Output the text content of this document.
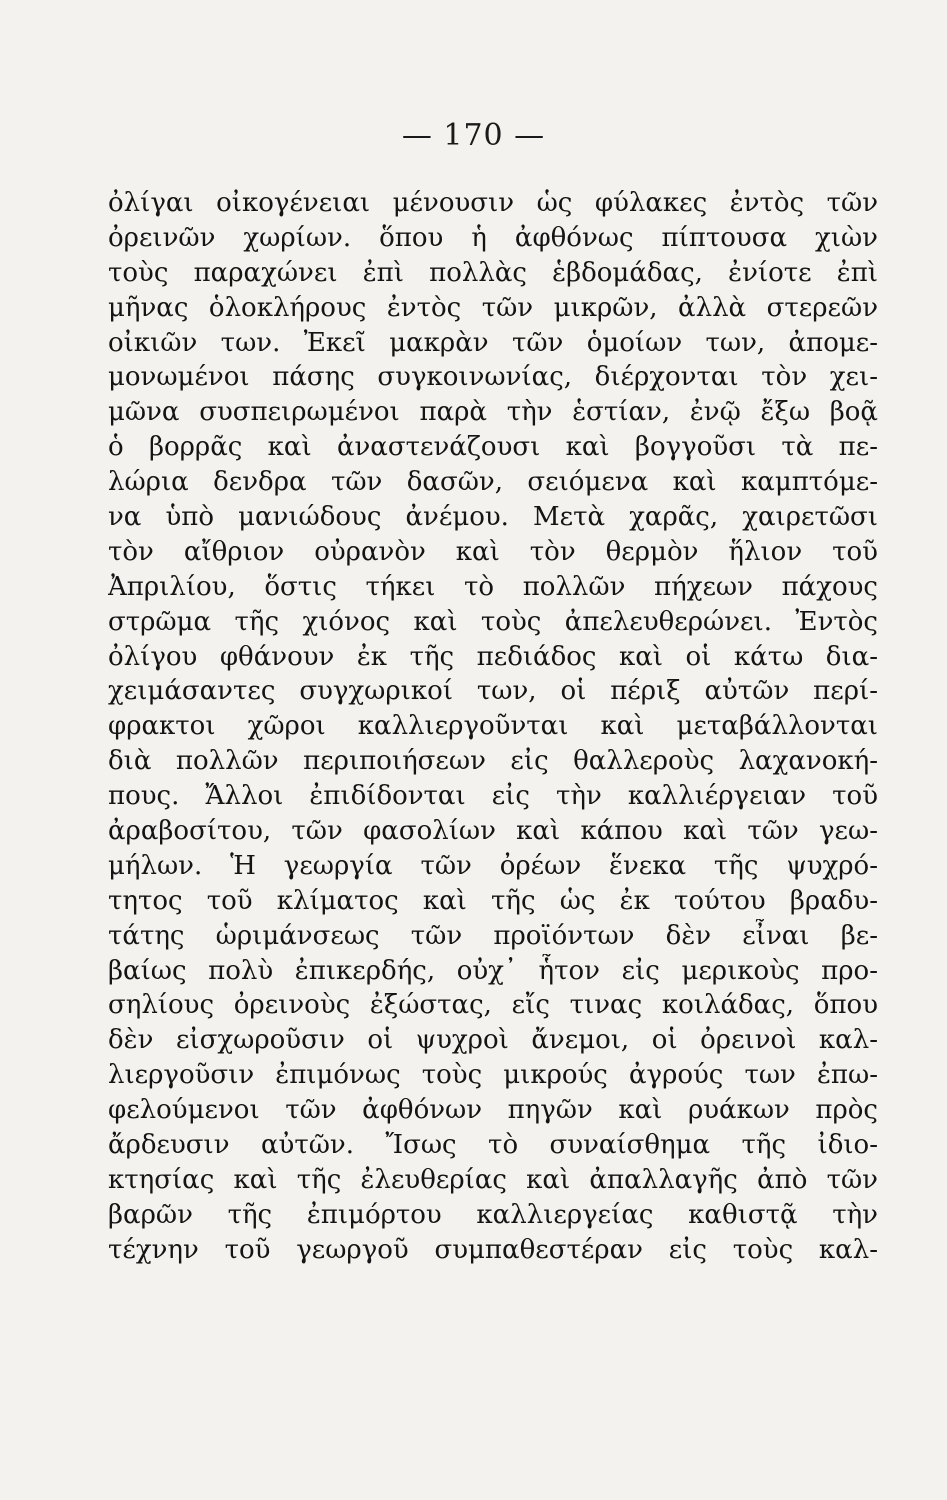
— 170 —
ὀλίγαι οἰκογένειαι μένουσιν ὡς φύλακες ἐντὸς τῶν
ὀρεινῶν χωρίων. ὅπου ἡ ἀφθόνως πίπτουσα χιὼν
τοὺς παραχώνει ἐπὶ πολλὰς ἑβδομάδας, ἐνίοτε ἐπὶ
μῆνας ὁλοκλήρους ἐντὸς τῶν μικρῶν, ἀλλὰ στερεῶν
οἰκιῶν των. Ἐκεῖ μακρὰν τῶν ὁμοίων των, ἀπομε-
μονωμένοι πάσης συγκοινωνίας, διέρχονται τὸν χει-
μῶνα συσπειρωμένοι παρὰ τὴν ἑστίαν, ἐνῷ ἔξω βοᾷ
ὁ βορρᾶς καὶ ἀναστενάζουσι καὶ βογγοῦσι τὰ πε-
λώρια δενδρα τῶν δασῶν, σειόμενα καὶ καμπτόμε-
να ὑπὸ μανιώδους ἀνέμου. Μετὰ χαρᾶς, χαιρετῶσι
τὸν αἴθριον οὐρανὸν καὶ τὸν θερμὸν ἥλιον τοῦ
Ἀπριλίου, ὅστις τήκει τὸ πολλῶν πήχεων πάχους
στρῶμα τῆς χιόνος καὶ τοὺς ἀπελευθερώνει. Ἐντὸς
ὀλίγου φθάνουν ἐκ τῆς πεδιάδος καὶ οἱ κάτω δια-
χειμάσαντες συγχωρικοί των, οἱ πέριξ αὐτῶν περί-
φρακτοι χῶροι καλλιεργοῦνται καὶ μεταβάλλονται
διὰ πολλῶν περιποιήσεων εἰς θαλλεροὺς λαχανοκή-
πους. Ἄλλοι ἐπιδίδονται εἰς τὴν καλλιέργειαν τοῦ
ἀραβοσίτου, τῶν φασολίων καὶ κάπου καὶ τῶν γεω-
μήλων. Ἡ γεωργία τῶν ὀρέων ἕνεκα τῆς ψυχρό-
τητος τοῦ κλίματος καὶ τῆς ὡς ἐκ τούτου βραδυ-
τάτης ὡριμάνσεως τῶν προϊόντων δὲν εἶναι βε-
βαίως πολὺ ἐπικερδής, οὐχ᾽ ἧτον εἰς μερικοὺς προ-
σηλίους ὀρεινοὺς ἐξώστας, εἴς τινας κοιλάδας, ὅπου
δὲν εἰσχωροῦσιν οἱ ψυχροὶ ἄνεμοι, οἱ ὀρεινοὶ καλ-
λιεργοῦσιν ἐπιμόνως τοὺς μικρούς ἀγρούς των ἐπω-
φελούμενοι τῶν ἀφθόνων πηγῶν καὶ ρυάκων πρὸς
ἄρδευσιν αὐτῶν. Ἴσως τὸ συναίσθημα τῆς ἰδιο-
κτησίας καὶ τῆς ἐλευθερίας καὶ ἀπαλλαγῆς ἀπὸ τῶν
βαρῶν τῆς ἐπιμόρτου καλλιεργείας καθιστᾷ τὴν
τέχνην τοῦ γεωργοῦ συμπαθεστέραν εἰς τοὺς καλ-
